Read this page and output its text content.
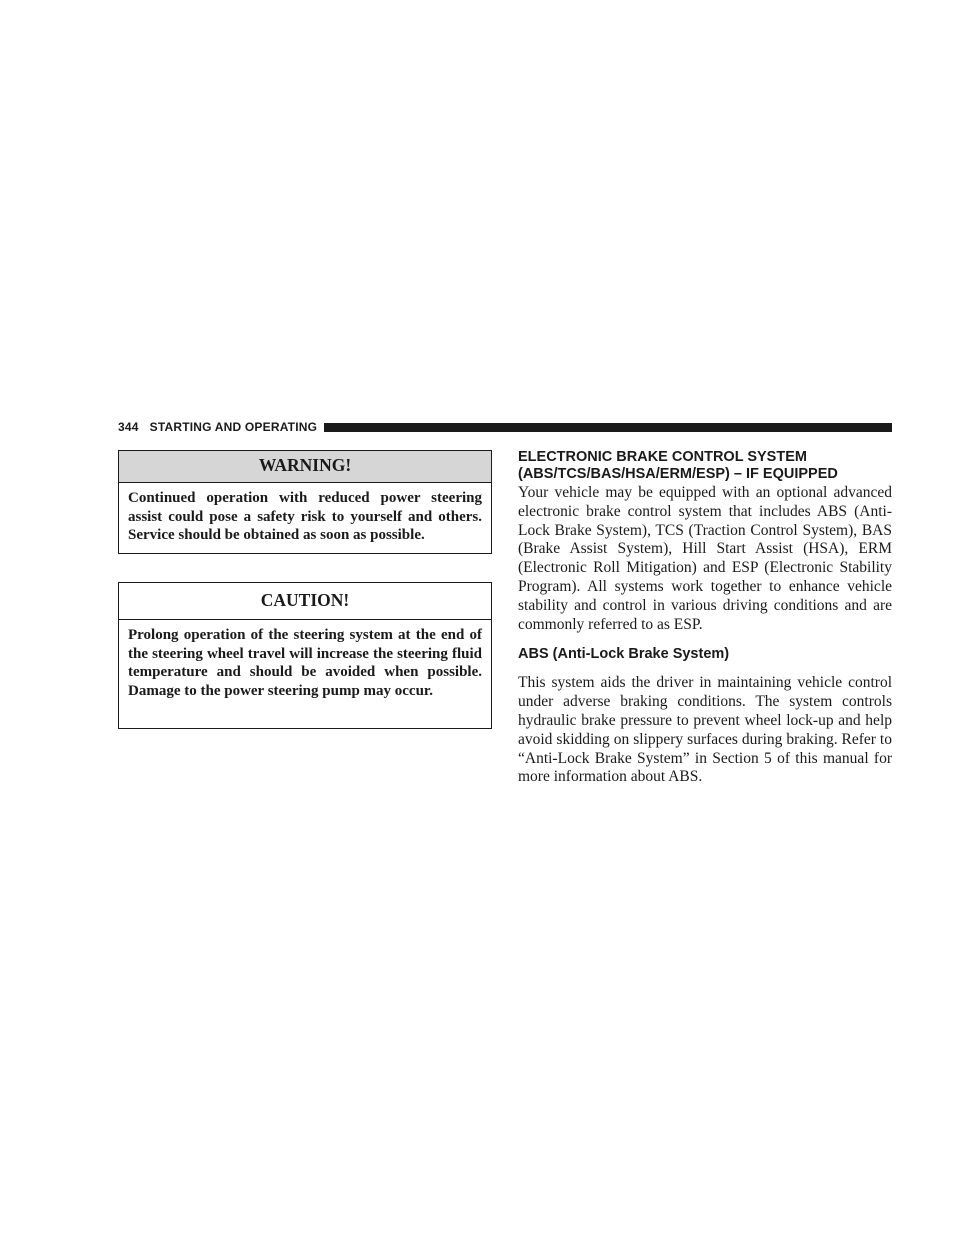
344 STARTING AND OPERATING
WARNING!
Continued operation with reduced power steering assist could pose a safety risk to yourself and others. Service should be obtained as soon as possible.
CAUTION!
Prolong operation of the steering system at the end of the steering wheel travel will increase the steering fluid temperature and should be avoided when possible. Damage to the power steering pump may occur.
ELECTRONIC BRAKE CONTROL SYSTEM
(ABS/TCS/BAS/HSA/ERM/ESP) – IF EQUIPPED

Your vehicle may be equipped with an optional advanced electronic brake control system that includes ABS (Anti-Lock Brake System), TCS (Traction Control System), BAS (Brake Assist System), Hill Start Assist (HSA), ERM (Electronic Roll Mitigation) and ESP (Electronic Stability Program). All systems work together to enhance vehicle stability and control in various driving conditions and are commonly referred to as ESP.

ABS (Anti-Lock Brake System)

This system aids the driver in maintaining vehicle control under adverse braking conditions. The system controls hydraulic brake pressure to prevent wheel lock-up and help avoid skidding on slippery surfaces during braking. Refer to “Anti-Lock Brake System” in Section 5 of this manual for more information about ABS.
